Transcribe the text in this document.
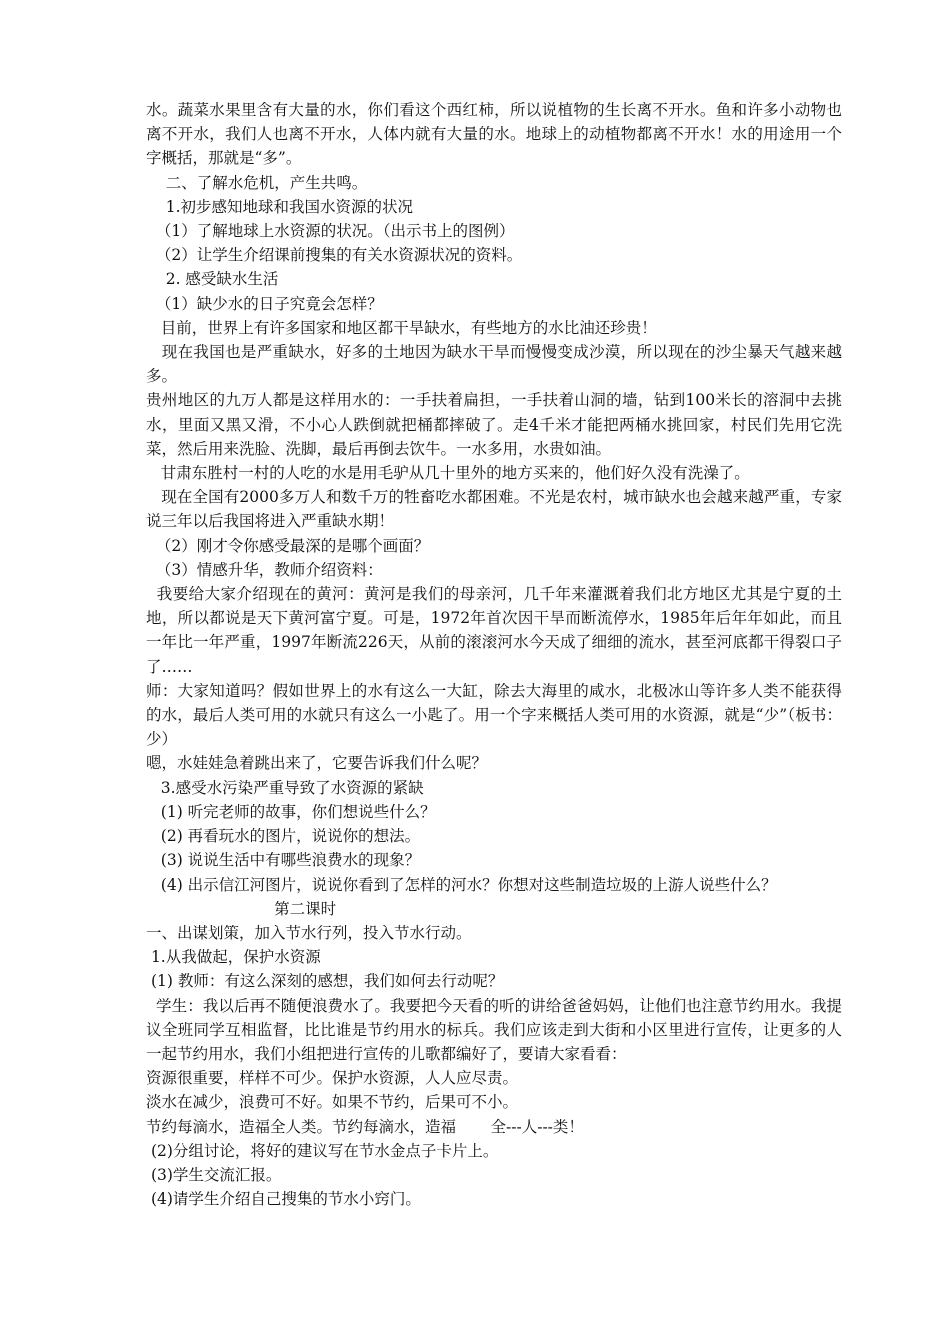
水。蔬菜水果里含有大量的水，你们看这个西红柿，所以说植物的生长离不开水。鱼和许多小动物也离不开水，我们人也离不开水，人体内就有大量的水。地球上的动植物都离不开水！水的用途用一个字概括，那就是“多”。

二、了解水危机，产生共鸣。

1.初步感知地球和我国水资源的状况

（1）了解地球上水资源的状况。（出示书上的图例）

（2）让学生介绍课前搜集的有关水资源状况的资料。

2. 感受缺水生活

（1）缺少水的日子究竟会怎样？

目前，世界上有许多国家和地区都干旱缺水，有些地方的水比油还珍贵！

现在我国也是严重缺水，好多的土地因为缺水干旱而慢慢变成沙漠，所以现在的沙尘暴天气越来越多。

贵州地区的九万人都是这样用水的：一手扶着扁担，一手扶着山洞的墙，钻到100米长的溶洞中去挑水，里面又黑又滑，不小心人跌倒就把桶都摔破了。走4千米才能把两桶水挑回家，村民们先用它洗菜，然后用来洗脸、洗脚，最后再倒去饮牛。一水多用，水贵如油。

甘肃东胜村一村的人吃的水是用毛驴从几十里外的地方买来的，他们好久没有洗澡了。

现在全国有2000多万人和数千万的牲畜吃水都困难。不光是农村，城市缺水也会越来越严重，专家说三年以后我国将进入严重缺水期！

（2）刚才令你感受最深的是哪个画面？

（3）情感升华，教师介绍资料：

我要给大家介绍现在的黄河：黄河是我们的母亲河，几千年来灌溉着我们北方地区尤其是宁夏的土地，所以都说是天下黄河富宁夏。可是，1972年首次因干旱而断流停水，1985年后年年如此，而且一年比一年严重，1997年断流226天，从前的滚滚河水今天成了细细的流水，甚至河底都干得裂口子了……

师：大家知道吗？假如世界上的水有这么一大缸，除去大海里的咸水，北极冰山等许多人类不能获得的水，最后人类可用的水就只有这么一小匙了。用一个字来概括人类可用的水资源，就是“少”（板书：少）

嗯，水娃娃急着跳出来了，它要告诉我们什么呢？

3.感受水污染严重导致了水资源的紧缺

(1) 听完老师的故事，你们想说些什么？

(2) 再看玩水的图片，说说你的想法。

(3) 说说生活中有哪些浪费水的现象？

(4) 出示信江河图片，说说你看到了怎样的河水？你想对这些制造垃圾的上游人说些什么？

第二课时

一、出谋划策，加入节水行列，投入节水行动。

1.从我做起，保护水资源

(1) 教师：有这么深刻的感想，我们如何去行动呢？

学生：我以后再不随便浪费水了。我要把今天看的听的讲给爸爸妈妈，让他们也注意节约用水。我提议全班同学互相监督，比比谁是节约用水的标兵。我们应该走到大街和小区里进行宣传，让更多的人一起节约用水，我们小组把进行宣传的儿歌都编好了，要请大家看看：

资源很重要，样样不可少。保护水资源，人人应尽责。

淡水在减少，浪费可不好。如果不节约，后果可不小。

节约每滴水，造福全人类。节约每滴水，造福       全---人---类！

(2)分组讨论，将好的建议写在节水金点子卡片上。

(3)学生交流汇报。

(4)请学生介绍自己搜集的节水小窍门。
